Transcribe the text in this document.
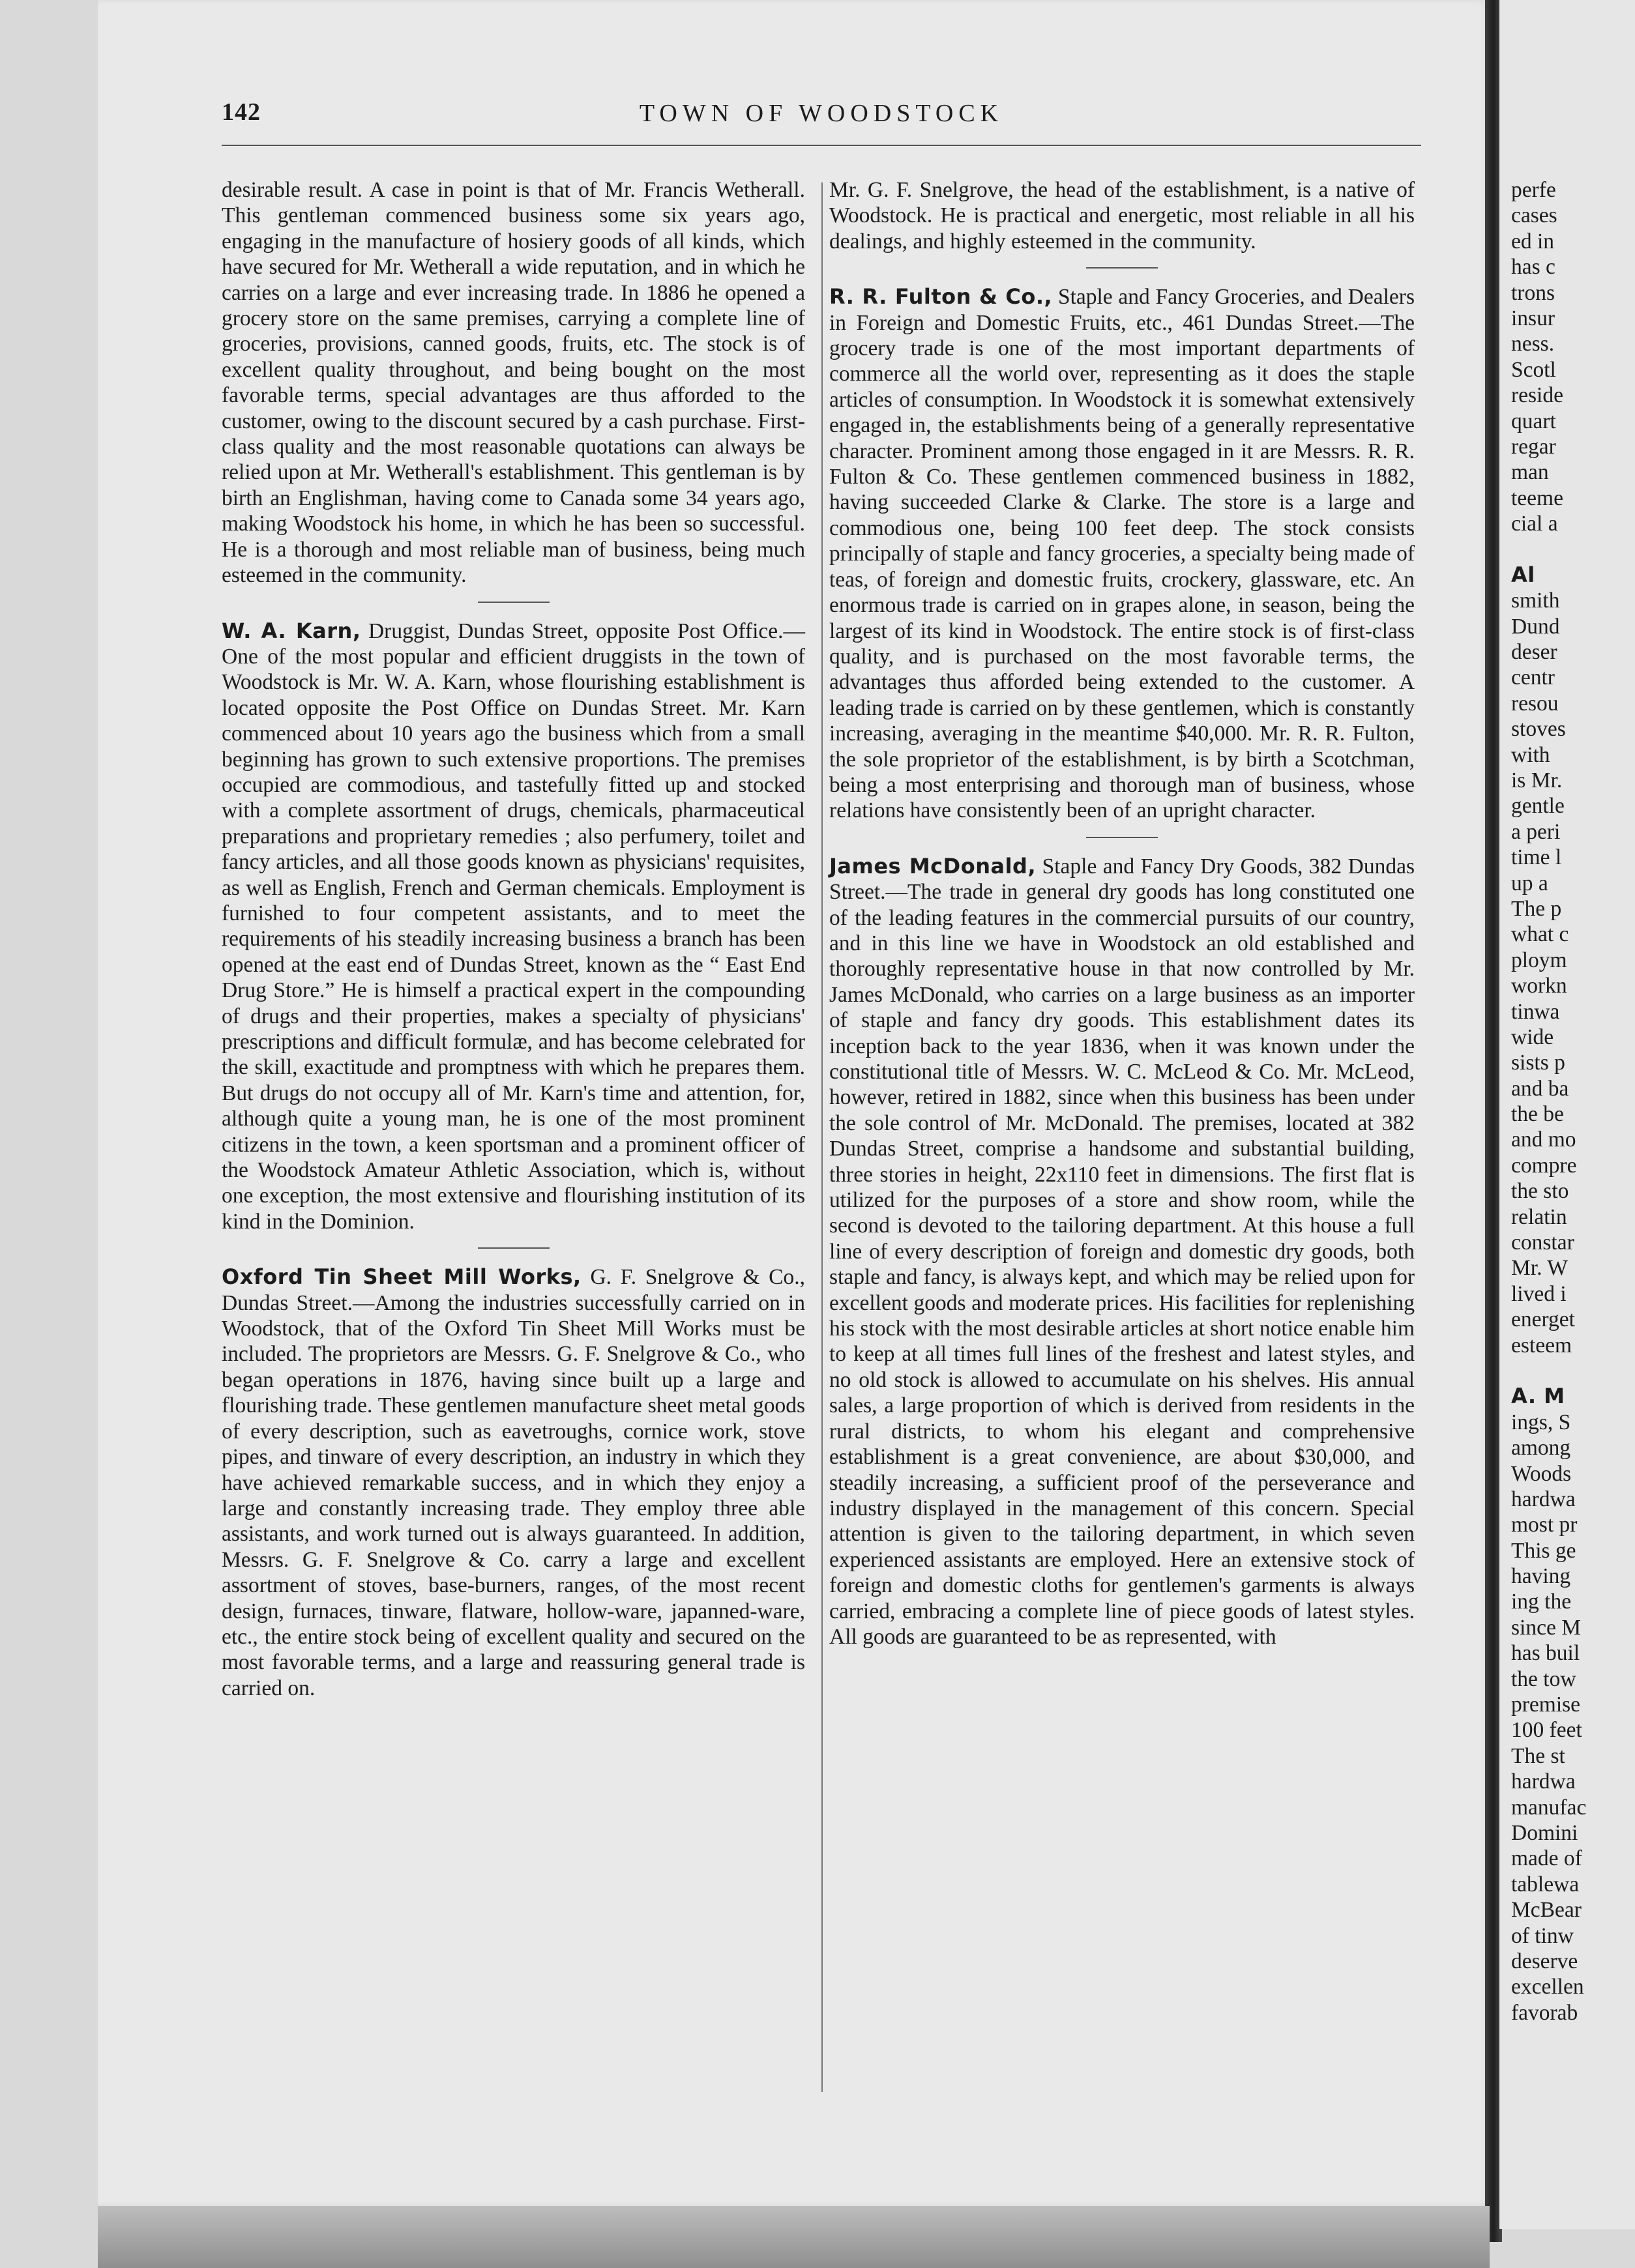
142	TOWN OF WOODSTOCK

desirable result. A case in point is that of Mr. Francis Wetherall. This gentleman commenced business some six years ago, engaging in the manufacture of hosiery goods of all kinds, which have secured for Mr. Wetherall a wide reputation, and in which he carries on a large and ever increasing trade. In 1886 he opened a grocery store on the same premises, carrying a complete line of groceries, provisions, canned goods, fruits, etc. The stock is of excellent quality throughout, and being bought on the most favorable terms, special advantages are thus afforded to the customer, owing to the discount secured by a cash purchase. First-class quality and the most reasonable quotations can always be relied upon at Mr. Wetherall's establishment. This gentleman is by birth an Englishman, having come to Canada some 34 years ago, making Woodstock his home, in which he has been so successful. He is a thorough and most reliable man of business, being much esteemed in the community.

W. A. Karn, Druggist, Dundas Street, opposite Post Office.—One of the most popular and efficient druggists in the town of Woodstock is Mr. W. A. Karn, whose flourishing establishment is located opposite the Post Office on Dundas Street. Mr. Karn commenced about 10 years ago the business which from a small beginning has grown to such extensive proportions. The premises occupied are commodious, and tastefully fitted up and stocked with a complete assortment of drugs, chemicals, pharmaceutical preparations and proprietary remedies ; also perfumery, toilet and fancy articles, and all those goods known as physicians' requisites, as well as English, French and German chemicals. Employment is furnished to four competent assistants, and to meet the requirements of his steadily increasing business a branch has been opened at the east end of Dundas Street, known as the “ East End Drug Store.” He is himself a practical expert in the compounding of drugs and their properties, makes a specialty of physicians' prescriptions and difficult formulæ, and has become celebrated for the skill, exactitude and promptness with which he prepares them. But drugs do not occupy all of Mr. Karn's time and attention, for, although quite a young man, he is one of the most prominent citizens in the town, a keen sportsman and a prominent officer of the Woodstock Amateur Athletic Association, which is, without one exception, the most extensive and flourishing institution of its kind in the Dominion.

Oxford Tin Sheet Mill Works, G. F. Snelgrove & Co., Dundas Street.—Among the industries successfully carried on in Woodstock, that of the Oxford Tin Sheet Mill Works must be included. The proprietors are Messrs. G. F. Snelgrove & Co., who began operations in 1876, having since built up a large and flourishing trade. These gentlemen manufacture sheet metal goods of every description, such as eavetroughs, cornice work, stove pipes, and tinware of every description, an industry in which they have achieved remarkable success, and in which they enjoy a large and constantly increasing trade. They employ three able assistants, and work turned out is always guaranteed. In addition, Messrs. G. F. Snelgrove & Co. carry a large and excellent assortment of stoves, base-burners, ranges, of the most recent design, furnaces, tinware, flatware, hollow-ware, japanned-ware, etc., the entire stock being of excellent quality and secured on the most favorable terms, and a large and reassuring general trade is carried on.

Mr. G. F. Snelgrove, the head of the establishment, is a native of Woodstock. He is practical and energetic, most reliable in all his dealings, and highly esteemed in the community.

R. R. Fulton & Co., Staple and Fancy Groceries, and Dealers in Foreign and Domestic Fruits, etc., 461 Dundas Street.—The grocery trade is one of the most important departments of commerce all the world over, representing as it does the staple articles of consumption. In Woodstock it is somewhat extensively engaged in, the establishments being of a generally representative character. Prominent among those engaged in it are Messrs. R. R. Fulton & Co. These gentlemen commenced business in 1882, having succeeded Clarke & Clarke. The store is a large and commodious one, being 100 feet deep. The stock consists principally of staple and fancy groceries, a specialty being made of teas, of foreign and domestic fruits, crockery, glassware, etc. An enormous trade is carried on in grapes alone, in season, being the largest of its kind in Woodstock. The entire stock is of first-class quality, and is purchased on the most favorable terms, the advantages thus afforded being extended to the customer. A leading trade is carried on by these gentlemen, which is constantly increasing, averaging in the meantime $40,000. Mr. R. R. Fulton, the sole proprietor of the establishment, is by birth a Scotchman, being a most enterprising and thorough man of business, whose relations have consistently been of an upright character.

James McDonald, Staple and Fancy Dry Goods, 382 Dundas Street.—The trade in general dry goods has long constituted one of the leading features in the commercial pursuits of our country, and in this line we have in Woodstock an old established and thoroughly representative house in that now controlled by Mr. James McDonald, who carries on a large business as an importer of staple and fancy dry goods. This establishment dates its inception back to the year 1836, when it was known under the constitutional title of Messrs. W. C. McLeod & Co. Mr. McLeod, however, retired in 1882, since when this business has been under the sole control of Mr. McDonald. The premises, located at 382 Dundas Street, comprise a handsome and substantial building, three stories in height, 22x110 feet in dimensions. The first flat is utilized for the purposes of a store and show room, while the second is devoted to the tailoring department. At this house a full line of every description of foreign and domestic dry goods, both staple and fancy, is always kept, and which may be relied upon for excellent goods and moderate prices. His facilities for replenishing his stock with the most desirable articles at short notice enable him to keep at all times full lines of the freshest and latest styles, and no old stock is allowed to accumulate on his shelves. His annual sales, a large proportion of which is derived from residents in the rural districts, to whom his elegant and comprehensive establishment is a great convenience, are about $30,000, and steadily increasing, a sufficient proof of the perseverance and industry displayed in the management of this concern. Special attention is given to the tailoring department, in which seven experienced assistants are employed. Here an extensive stock of foreign and domestic cloths for gentlemen's garments is always carried, embracing a complete line of piece goods of latest styles. All goods are guaranteed to be as represented, with

perfe
cases
ed in
has c
trons
insur
ness.
Scotl
reside
quart
regar
man
teeme
cial a
Al
smith
Dund
deser
centr
resou
stoves
with
is Mr.
gentle
a peri
time l
up a
The p
what c
ploym
workn
tinwa
wide
sists p
and ba
the be
and mo
compre
the sto
relatin
constar
Mr. W
lived i
energet
esteem
A. M
ings, S
among
Woods
hardwa
most pr
This ge
having
ing the
since M
has buil
the tow
premise
100 feet
The st
hardwa
manufac
Domini
made of
tablewa
McBear
of tinw
deserve
excellen
favorab
